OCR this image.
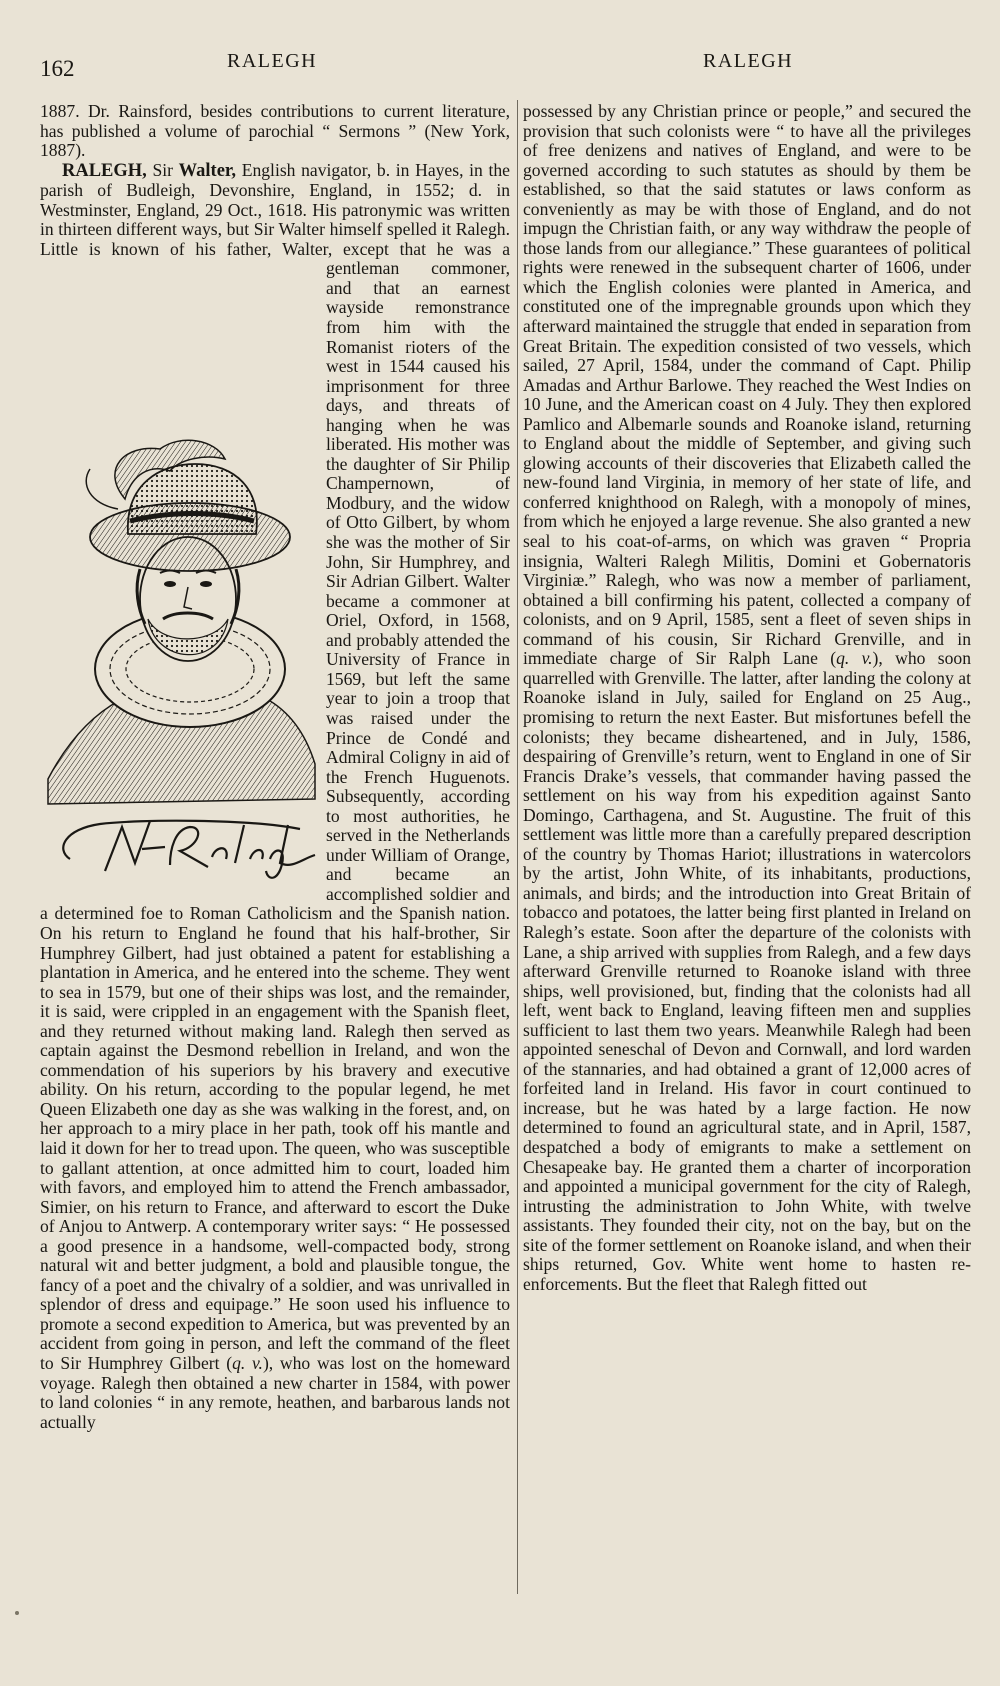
162	RALEGH	RALEGH

1887. Dr. Rainsford, besides contributions to current literature, has published a volume of parochial “ Sermons ” (New York, 1887).

RALEGH, Sir Walter, English navigator, b. in Hayes, in the parish of Budleigh, Devonshire, England, in 1552; d. in Westminster, England, 29 Oct., 1618. His patronymic was written in thirteen different ways, but Sir Walter himself spelled it Ralegh. Little is known of his father,
Walter, except that he was a gentleman commoner, and that an earnest wayside remonstrance from him with the Romanist rioters of the west in 1544 caused his imprisonment for three days, and threats of hanging when he was liberated. His mother was the daughter of Sir Philip Champernown, of Modbury, and the widow of Otto Gilbert, by whom she was the mother of Sir John, Sir Humphrey, and Sir Adrian Gilbert. Walter became a commoner at Oriel, Oxford, in 1568, and probably attended the University of France in 1569, but left the same year to join a troop that was raised under the Prince de Condé and Admiral Coligny in aid of the French Huguenots. Subsequently, according to most authorities, he served in the Netherlands under William of Orange, and became an accomplished soldier and a determined foe to Roman Catholicism and the Spanish nation. On his return to England he found that his half-brother, Sir Humphrey Gilbert, had just obtained a patent for establishing a plantation in America, and he entered into the scheme. They went to sea in 1579, but one of their ships was lost, and the remainder, it is said, were crippled in an engagement with the Spanish fleet, and they returned without making land. Ralegh then served as captain against the Desmond rebellion in Ireland, and won the commendation of his superiors by his bravery and executive ability. On his return, according to the popular legend, he met Queen Elizabeth one day as she was walking in the forest, and, on her approach to a miry place in her path, took off his mantle and laid it down for her to tread upon. The queen, who was susceptible to gallant attention, at once admitted him to court, loaded him with favors, and employed him to attend the French ambassador, Simier, on his return to France, and afterward to escort the Duke of Anjou to Antwerp. A contemporary writer says: “ He possessed a good presence in a handsome, well-compacted body, strong natural wit and better judgment, a bold and plausible tongue, the fancy of a poet and the chivalry of a soldier, and was unrivalled in splendor of dress and equipage.” He soon used his influence to promote a second expedition to America, but was prevented by an accident from going in person, and left the command of the fleet to Sir Humphrey Gilbert (q. v.), who was lost on the homeward voyage. Ralegh then obtained a new charter in 1584, with power to land colonies “ in any remote, heathen, and barbarous lands not actually

possessed by any Christian prince or people,” and secured the provision that such colonists were “ to have all the privileges of free denizens and natives of England, and were to be governed according to such statutes as should by them be established, so that the said statutes or laws conform as conveniently as may be with those of England, and do not impugn the Christian faith, or any way withdraw the people of those lands from our allegiance.” These guarantees of political rights were renewed in the subsequent charter of 1606, under which the English colonies were planted in America, and constituted one of the impregnable grounds upon which they afterward maintained the struggle that ended in separation from Great Britain. The expedition consisted of two vessels, which sailed, 27 April, 1584, under the command of Capt. Philip Amadas and Arthur Barlowe. They reached the West Indies on 10 June, and the American coast on 4 July. They then explored Pamlico and Albemarle sounds and Roanoke island, returning to England about the middle of September, and giving such glowing accounts of their discoveries that Elizabeth called the new-found land Virginia, in memory of her state of life, and conferred knighthood on Ralegh, with a monopoly of mines, from which he enjoyed a large revenue. She also granted a new seal to his coat-of-arms, on which was graven “ Propria insignia, Walteri Ralegh Militis, Domini et Gobernatoris Virginiæ.” Ralegh, who was now a member of parliament, obtained a bill confirming his patent, collected a company of colonists, and on 9 April, 1585, sent a fleet of seven ships in command of his cousin, Sir Richard Grenville, and in immediate charge of Sir Ralph Lane (q. v.), who soon quarrelled with Grenville. The latter, after landing the colony at Roanoke island in July, sailed for England on 25 Aug., promising to return the next Easter. But misfortunes befell the colonists; they became disheartened, and in July, 1586, despairing of Grenville’s return, went to England in one of Sir Francis Drake’s vessels, that commander having passed the settlement on his way from his expedition against Santo Domingo, Carthagena, and St. Augustine. The fruit of this settlement was little more than a carefully prepared description of the country by Thomas Hariot; illustrations in watercolors by the artist, John White, of its inhabitants, productions, animals, and birds; and the introduction into Great Britain of tobacco and potatoes, the latter being first planted in Ireland on Ralegh’s estate. Soon after the departure of the colonists with Lane, a ship arrived with supplies from Ralegh, and a few days afterward Grenville returned to Roanoke island with three ships, well provisioned, but, finding that the colonists had all left, went back to England, leaving fifteen men and supplies sufficient to last them two years. Meanwhile Ralegh had been appointed seneschal of Devon and Cornwall, and lord warden of the stannaries, and had obtained a grant of 12,000 acres of forfeited land in Ireland. His favor in court continued to increase, but he was hated by a large faction. He now determined to found an agricultural state, and in April, 1587, despatched a body of emigrants to make a settlement on Chesapeake bay. He granted them a charter of incorporation and appointed a municipal government for the city of Ralegh, intrusting the administration to John White, with twelve assistants. They founded their city, not on the bay, but on the site of the former settlement on Roanoke island, and when their ships returned, Gov. White went home to hasten re-enforcements. But the fleet that Ralegh fitted out
